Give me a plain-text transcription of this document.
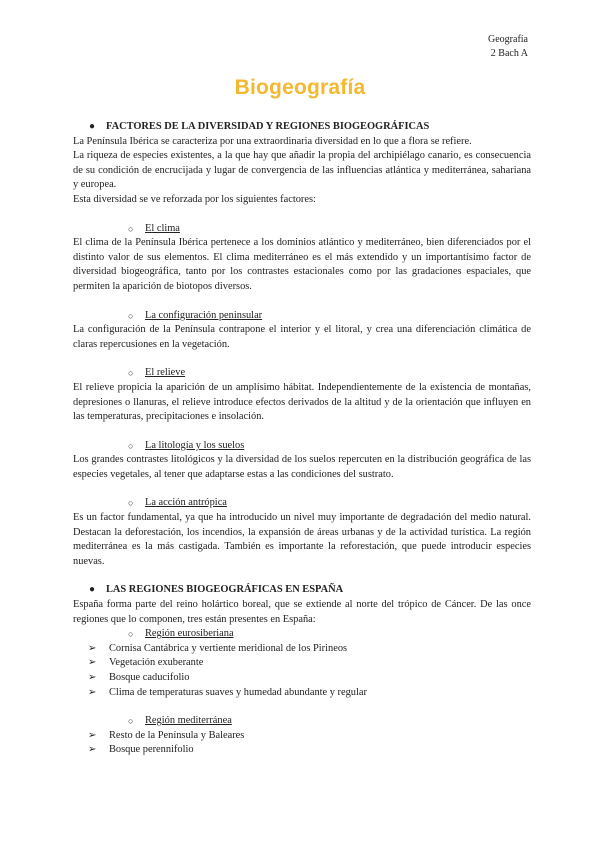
Geografía
2 Bach A
Biogeografía

● FACTORES DE LA DIVERSIDAD Y REGIONES BIOGEOGRÁFICAS

La Península Ibérica se caracteriza por una extraordinaria diversidad en lo que a flora se refiere.

La riqueza de especies existentes, a la que hay que añadir la propia del archipiélago canario, es consecuencia de su condición de encrucijada y lugar de convergencia de las influencias atlántica y mediterránea, sahariana y europea.

Esta diversidad se ve reforzada por los siguientes factores:

○ El clima

El clima de la Península Ibérica pertenece a los dominios atlántico y mediterráneo, bien diferenciados por el distinto valor de sus elementos. El clima mediterráneo es el más extendido y un importantísimo factor de diversidad biogeográfica, tanto por los contrastes estacionales como por las gradaciones espaciales, que permiten la aparición de biotopos diversos.

○ La configuración peninsular

La configuración de la Península contrapone el interior y el litoral, y crea una diferenciación climática de claras repercusiones en la vegetación.

○ El relieve

El relieve propicia la aparición de un amplísimo hábitat. Independientemente de la existencia de montañas, depresiones o llanuras, el relieve introduce efectos derivados de la altitud y de la orientación que influyen en las temperaturas, precipitaciones e insolación.

○ La litología y los suelos

Los grandes contrastes litológicos y la diversidad de los suelos repercuten en la distribución geográfica de las especies vegetales, al tener que adaptarse estas a las condiciones del sustrato.

○ La acción antrópica

Es un factor fundamental, ya que ha introducido un nivel muy importante de degradación del medio natural. Destacan la deforestación, los incendios, la expansión de áreas urbanas y de la actividad turística. La región mediterránea es la más castigada. También es importante la reforestación, que puede introducir especies nuevas.

● LAS REGIONES BIOGEOGRÁFICAS EN ESPAÑA

España forma parte del reino holártico boreal, que se extiende al norte del trópico de Cáncer. De las once regiones que lo componen, tres están presentes en España:

○ Región eurosiberiana

➢ Cornisa Cantábrica y vertiente meridional de los Pirineos
➢ Vegetación exuberante
➢ Bosque caducifolio
➢ Clima de temperaturas suaves y humedad abundante y regular

○ Región mediterránea

➢ Resto de la Península y Baleares
➢ Bosque perennifolio
